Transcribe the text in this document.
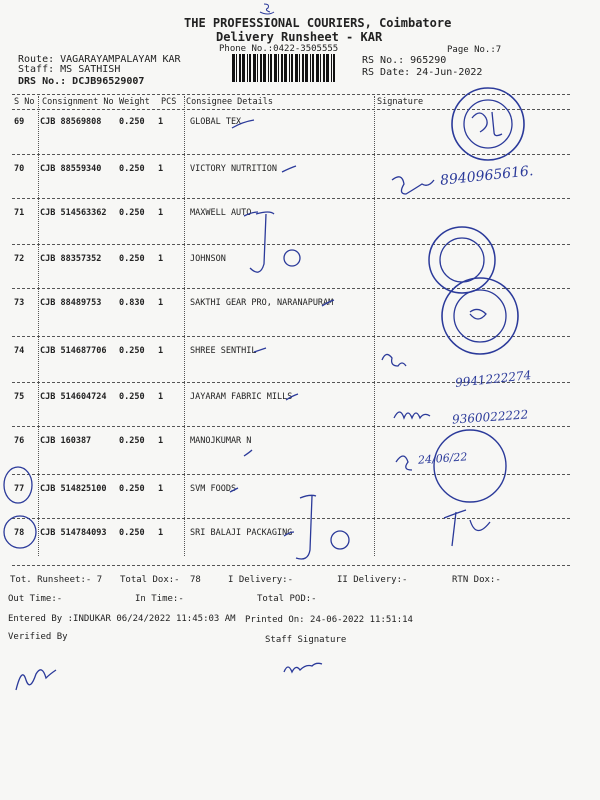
THE PROFESSIONAL COURIERS, Coimbatore
Delivery Runsheet - KAR
Phone No.:0422-3505555	Page No.:7
Route: VAGARAYAMPALAYAM KAR
Staff: MS SATHISH
DRS No.: DCJB96529007
RS No.: 965290
RS Date: 24-Jun-2022
S No Consignment No Weight PCS Consignee Details	Signature
69 CJB 88569808 0.250 1	GLOBAL TEX
70 CJB 88559340 0.250 1	VICTORY NUTRITION
71 CJB 514563362 0.250 1	MAXWELL AUTO
72 CJB 88357352 0.250 1	JOHNSON
73 CJB 88489753 0.830 1	SAKTHI GEAR PRO, NARANAPURAM
74 CJB 514687706 0.250 1	SHREE SENTHIL
75 CJB 514604724 0.250 1	JAYARAM FABRIC MILLS
76 CJB 160387	0.250 1	MANOJKUMAR N
77 CJB 514825100 0.250 1	SVM FOODS
78 CJB 514784093 0.250 1	SRI BALAJI PACKAGING
Tot. Runsheet:- 7 Total Dox:- 78	I Delivery:-	II Delivery:-	RTN Dox:-
Out Time:-	In Time:-	Total POD:-
Entered By :INDUKAR 06/24/2022 11:45:03 AM Printed On: 24-06-2022 11:51:14
Verified By	Staff Signature
8940965616.
9941222274
9360022222
24/06/22
